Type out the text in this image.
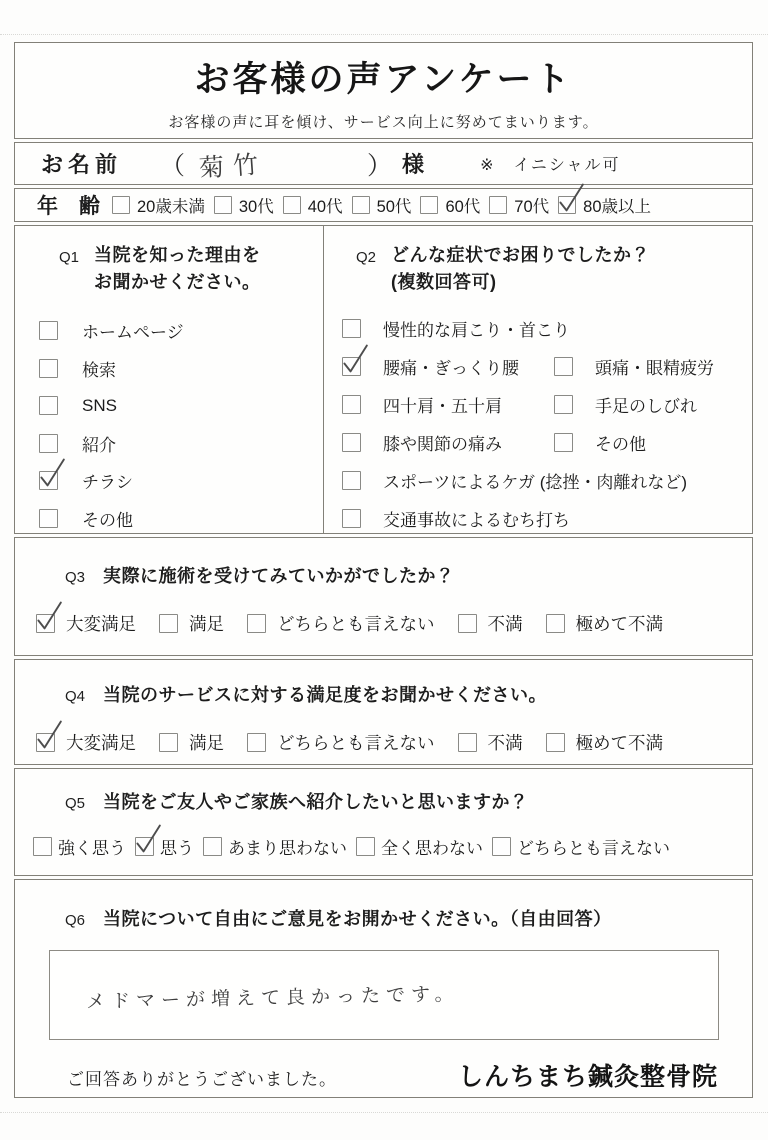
お客様の声アンケート
お客様の声に耳を傾け、サービス向上に努めてまいります。
お名前 （ 菊竹	） 様	※　イニシャル可
年　齢 20歳未満 30代 40代 50代 60代 70代 80歳以上
Q1 当院を知った理由を
お聞かせください。
ホームページ
検索
SNS
紹介
チラシ
その他
Q2 どんな症状でお困りでしたか？
(複数回答可)
慢性的な肩こり・首こり
腰痛・ぎっくり腰	頭痛・眼精疲労
四十肩・五十肩	手足のしびれ
膝や関節の痛み	その他
スポーツによるケガ (捻挫・肉離れなど)
交通事故によるむち打ち
Q3 実際に施術を受けてみていかがでしたか？
大変満足	満足	どちらとも言えない	不満	極めて不満
Q4 当院のサービスに対する満足度をお聞かせください。
大変満足	満足	どちらとも言えない	不満	極めて不満
Q5 当院をご友人やご家族へ紹介したいと思いますか？
強く思う 思う あまり思わない 全く思わない どちらとも言えない
Q6 当院について自由にご意見をお開かせください。（自由回答）
メドマーが増えて良かったです。
ご回答ありがとうございました。	しんちまち鍼灸整骨院
